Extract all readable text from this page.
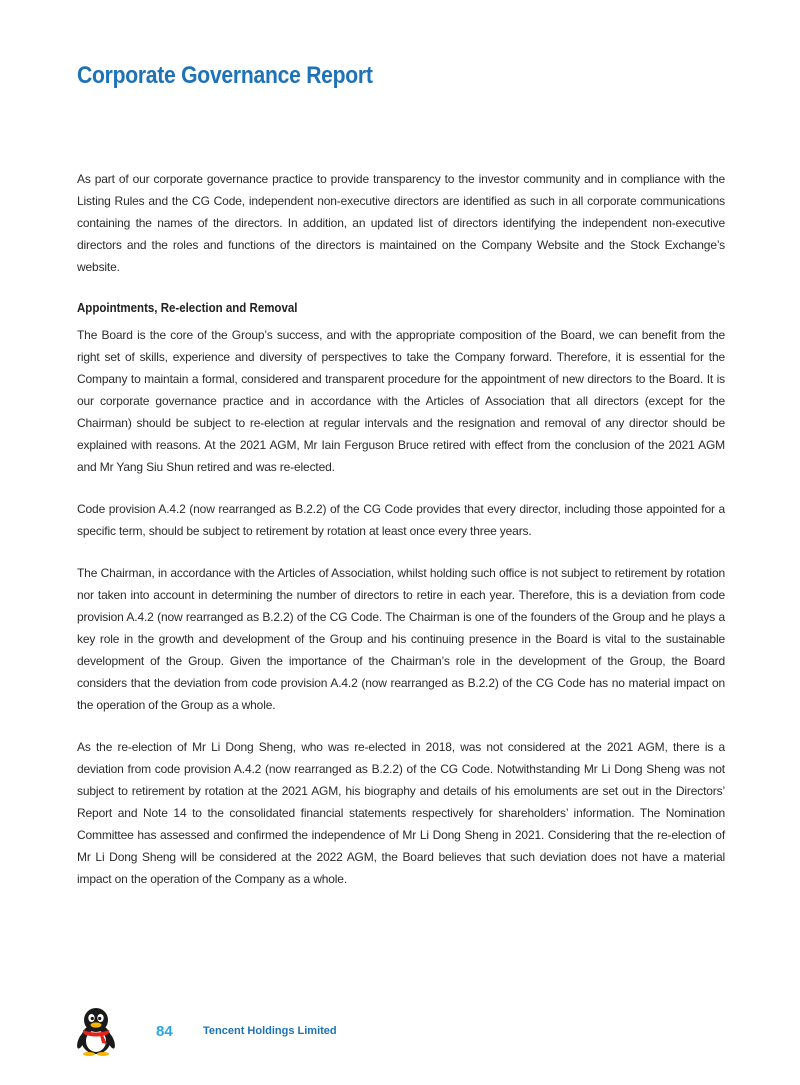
Corporate Governance Report

As part of our corporate governance practice to provide transparency to the investor community and in compliance with the Listing Rules and the CG Code, independent non-executive directors are identified as such in all corporate communications containing the names of the directors. In addition, an updated list of directors identifying the independent non-executive directors and the roles and functions of the directors is maintained on the Company Website and the Stock Exchange’s website.

Appointments, Re-election and Removal

The Board is the core of the Group’s success, and with the appropriate composition of the Board, we can benefit from the right set of skills, experience and diversity of perspectives to take the Company forward. Therefore, it is essential for the Company to maintain a formal, considered and transparent procedure for the appointment of new directors to the Board. It is our corporate governance practice and in accordance with the Articles of Association that all directors (except for the Chairman) should be subject to re-election at regular intervals and the resignation and removal of any director should be explained with reasons. At the 2021 AGM, Mr Iain Ferguson Bruce retired with effect from the conclusion of the 2021 AGM and Mr Yang Siu Shun retired and was re-elected.

Code provision A.4.2 (now rearranged as B.2.2) of the CG Code provides that every director, including those appointed for a specific term, should be subject to retirement by rotation at least once every three years.

The Chairman, in accordance with the Articles of Association, whilst holding such office is not subject to retirement by rotation nor taken into account in determining the number of directors to retire in each year. Therefore, this is a deviation from code provision A.4.2 (now rearranged as B.2.2) of the CG Code. The Chairman is one of the founders of the Group and he plays a key role in the growth and development of the Group and his continuing presence in the Board is vital to the sustainable development of the Group. Given the importance of the Chairman’s role in the development of the Group, the Board considers that the deviation from code provision A.4.2 (now rearranged as B.2.2) of the CG Code has no material impact on the operation of the Group as a whole.

As the re-election of Mr Li Dong Sheng, who was re-elected in 2018, was not considered at the 2021 AGM, there is a deviation from code provision A.4.2 (now rearranged as B.2.2) of the CG Code. Notwithstanding Mr Li Dong Sheng was not subject to retirement by rotation at the 2021 AGM, his biography and details of his emoluments are set out in the Directors’ Report and Note 14 to the consolidated financial statements respectively for shareholders’ information. The Nomination Committee has assessed and confirmed the independence of Mr Li Dong Sheng in 2021. Considering that the re-election of Mr Li Dong Sheng will be considered at the 2022 AGM, the Board believes that such deviation does not have a material impact on the operation of the Company as a whole.

84	Tencent Holdings Limited
